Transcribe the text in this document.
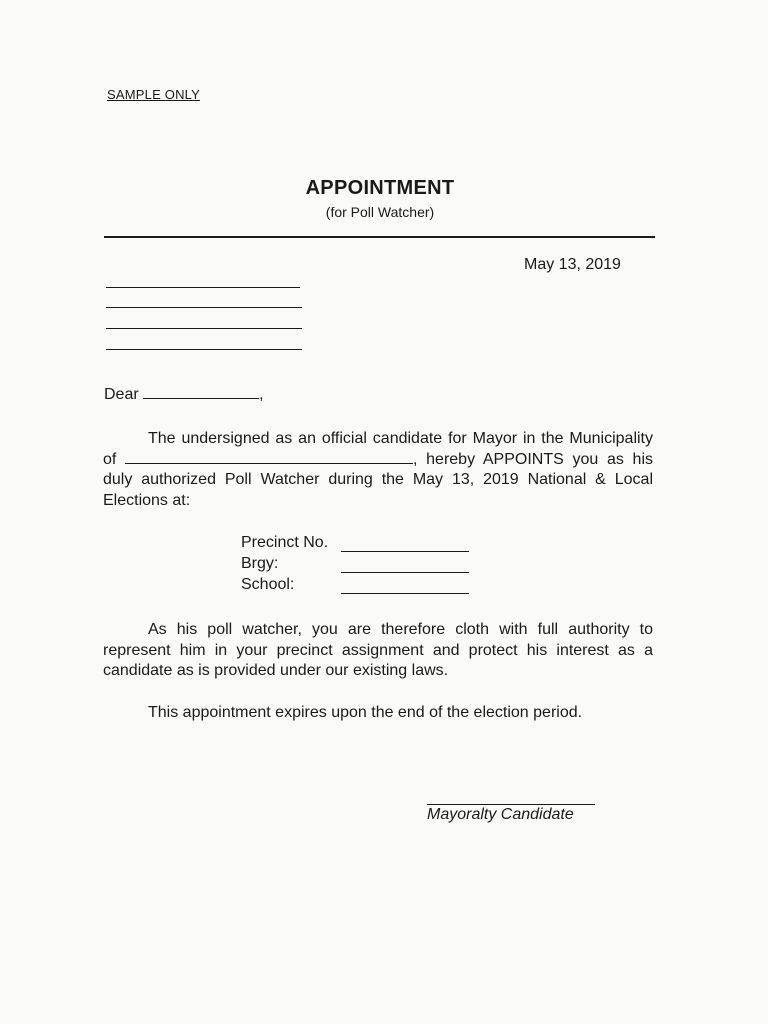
SAMPLE ONLY
APPOINTMENT
(for Poll Watcher)
May 13, 2019
Dear	,

The undersigned as an official candidate for Mayor in the Municipality of	, hereby APPOINTS you as his duly authorized Poll Watcher during the May 13, 2019 National & Local Elections at:

Precinct No.
Brgy:
School:

As his poll watcher, you are therefore cloth with full authority to represent him in your precinct assignment and protect his interest as a candidate as is provided under our existing laws.

This appointment expires upon the end of the election period.

Mayoralty Candidate
